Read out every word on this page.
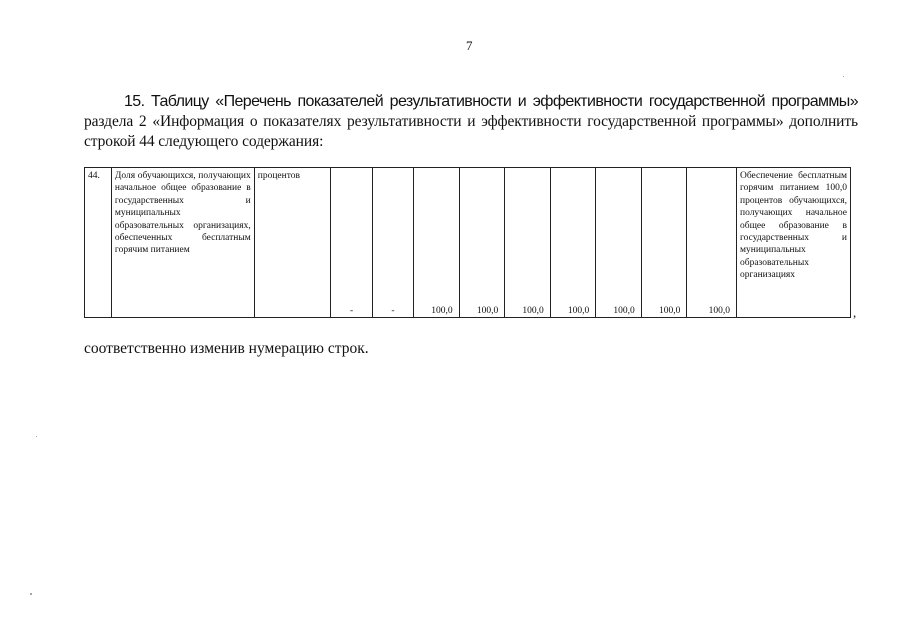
7
15. Таблицу «Перечень показателей результативности и эффективности государственной программы» раздела 2 «Информация о показателях результативности и эффективности государственной программы» дополнить строкой 44 следующего содержания:
44.	Доля обучающихся, получающих начальное общее образование в государственных и муниципальных образовательных организациях, обеспеченных бесплатным горячим питанием	процентов	-	-	100,0	100,0	100,0	100,0	100,0	100,0	100,0	Обеспечение бесплатным горячим питанием 100,0 процентов обучающихся, получающих начальное общее образование в государственных и муниципальных образовательных организациях
,
соответственно изменив нумерацию строк.
